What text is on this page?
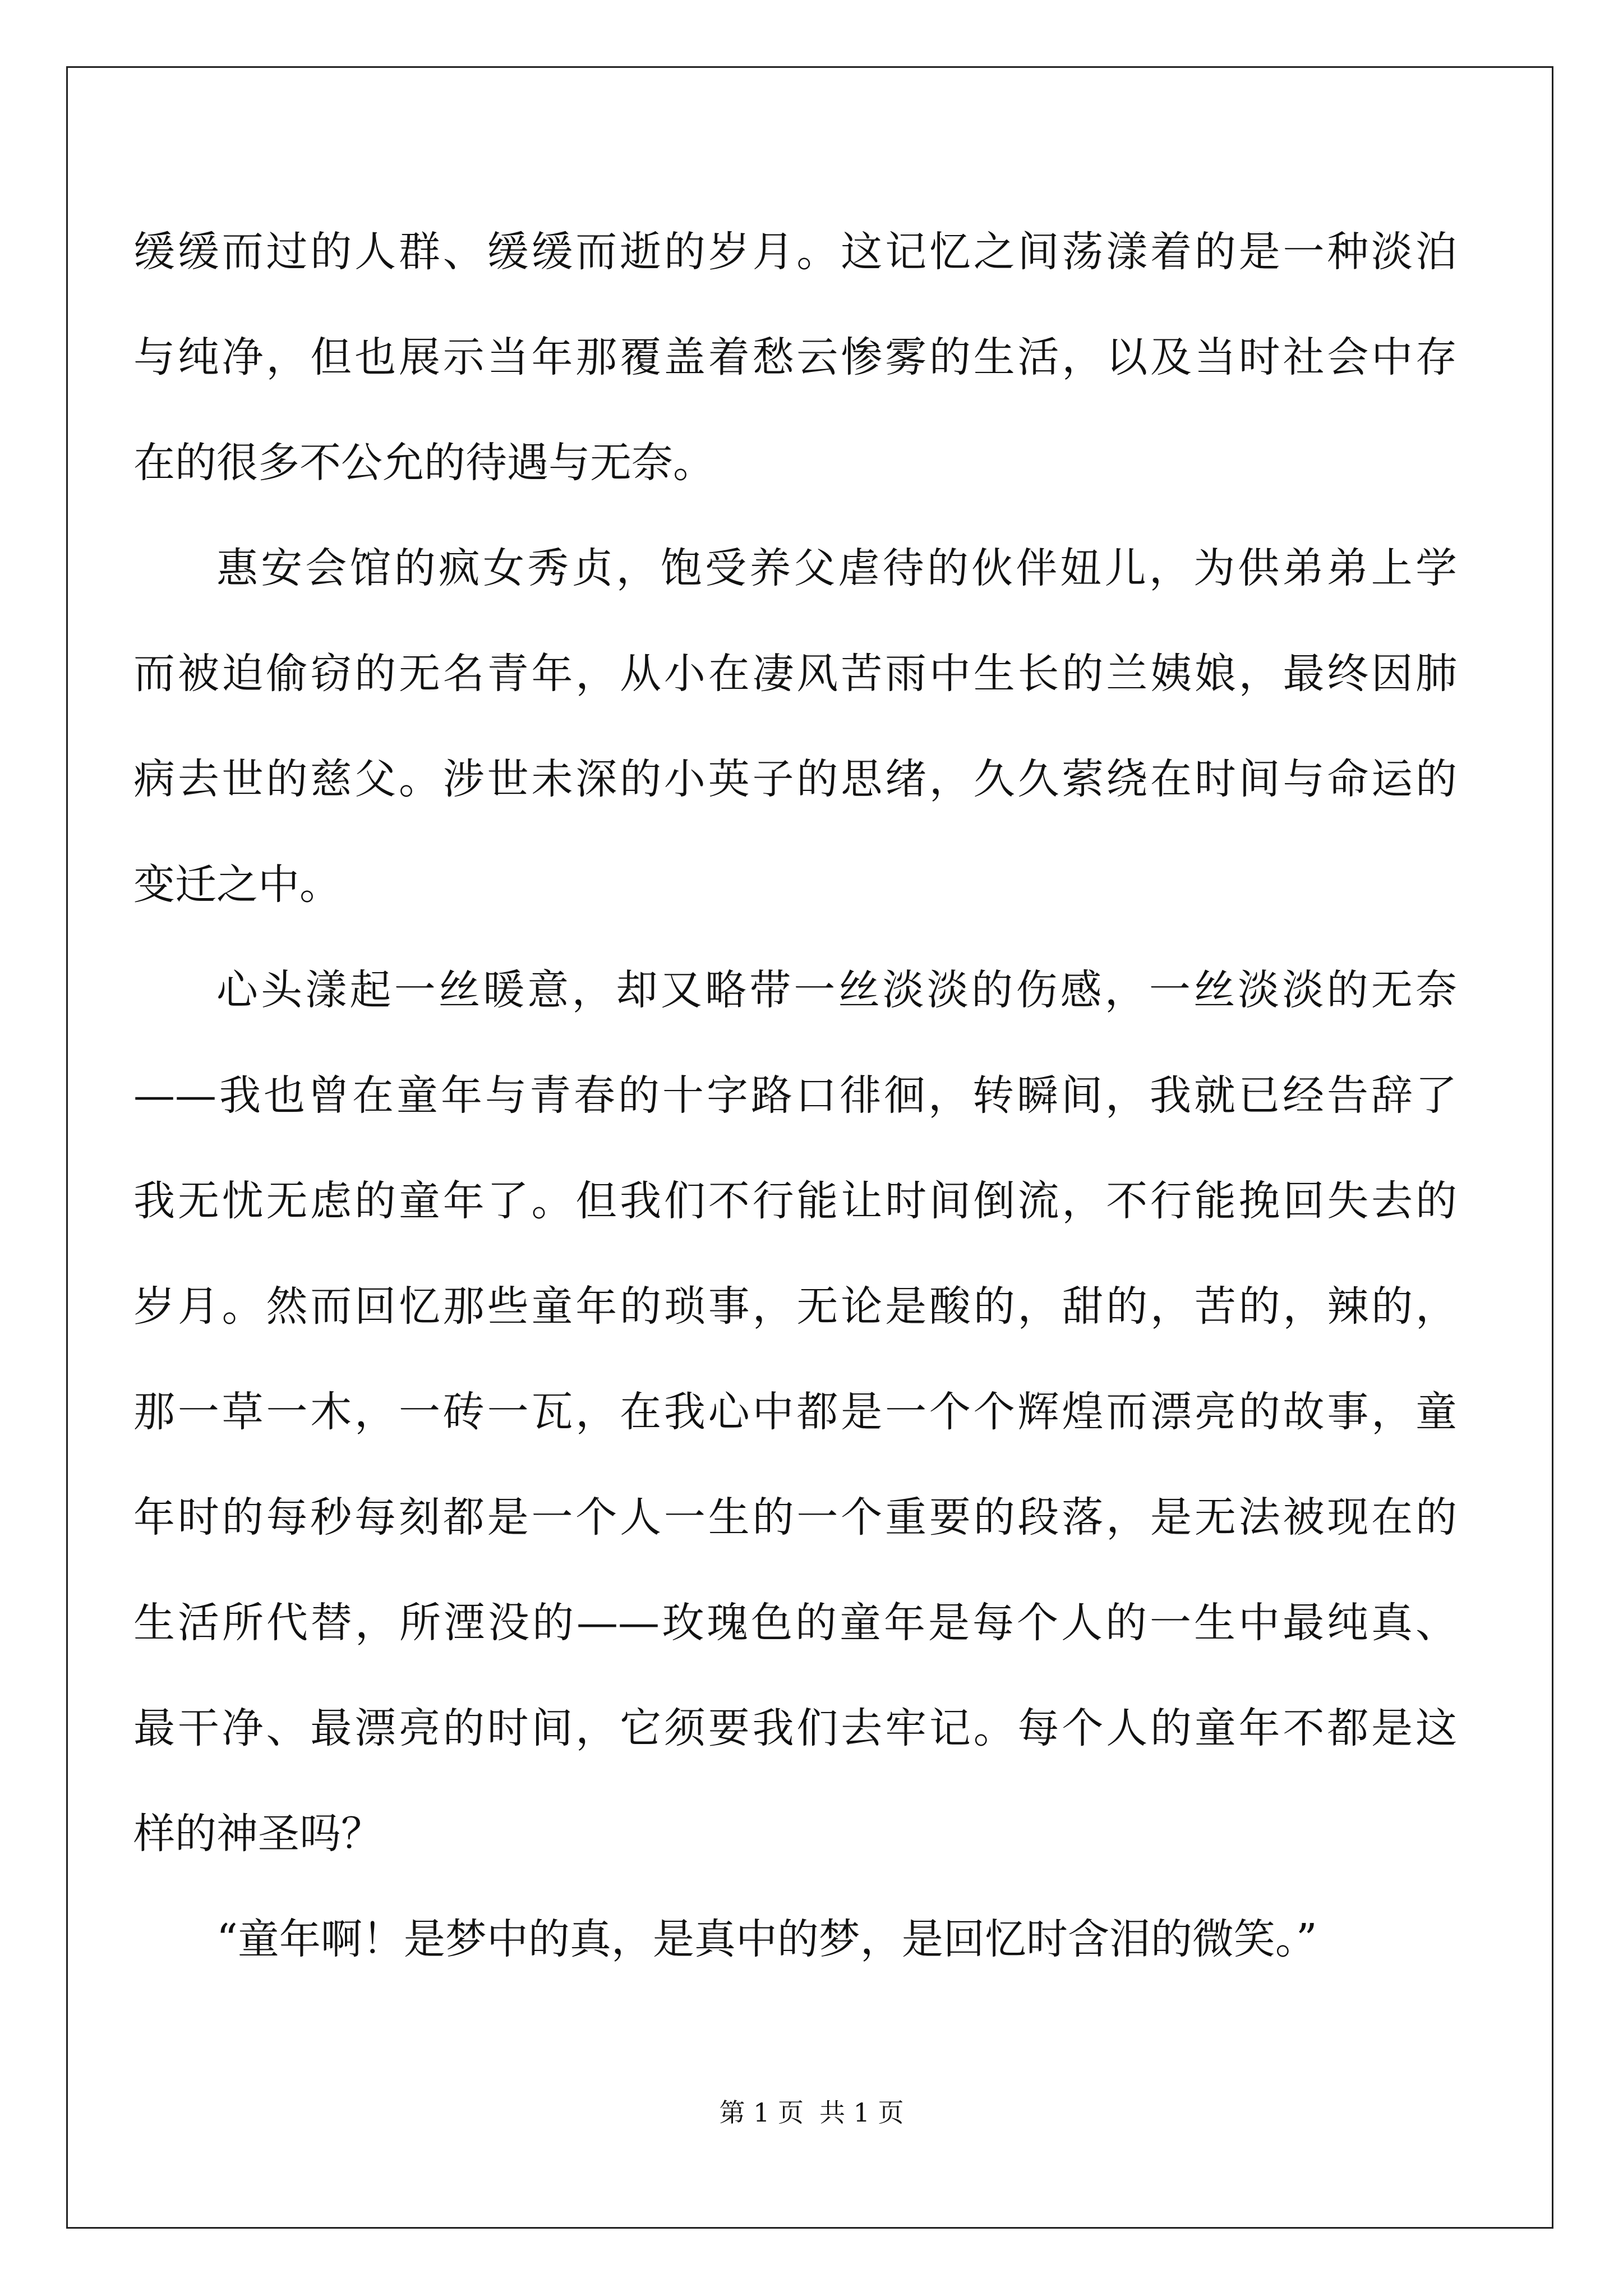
缓缓而过的人群、缓缓而逝的岁月。这记忆之间荡漾着的是一种淡泊
与纯净，但也展示当年那覆盖着愁云惨雾的生活，以及当时社会中存
在的很多不公允的待遇与无奈。
惠安会馆的疯女秀贞，饱受养父虐待的伙伴妞儿，为供弟弟上学
而被迫偷窃的无名青年，从小在凄风苦雨中生长的兰姨娘，最终因肺
病去世的慈父。涉世未深的小英子的思绪，久久萦绕在时间与命运的
变迁之中。
心头漾起一丝暖意，却又略带一丝淡淡的伤感，一丝淡淡的无奈
——我也曾在童年与青春的十字路口徘徊，转瞬间，我就已经告辞了
我无忧无虑的童年了。但我们不行能让时间倒流，不行能挽回失去的
岁月。然而回忆那些童年的琐事，无论是酸的，甜的，苦的，辣的，
那一草一木，一砖一瓦，在我心中都是一个个辉煌而漂亮的故事，童
年时的每秒每刻都是一个人一生的一个重要的段落，是无法被现在的
生活所代替，所湮没的——玫瑰色的童年是每个人的一生中最纯真、
最干净、最漂亮的时间，它须要我们去牢记。每个人的童年不都是这
样的神圣吗？
“童年啊！是梦中的真，是真中的梦，是回忆时含泪的微笑。”
第 1 页 共 1 页
